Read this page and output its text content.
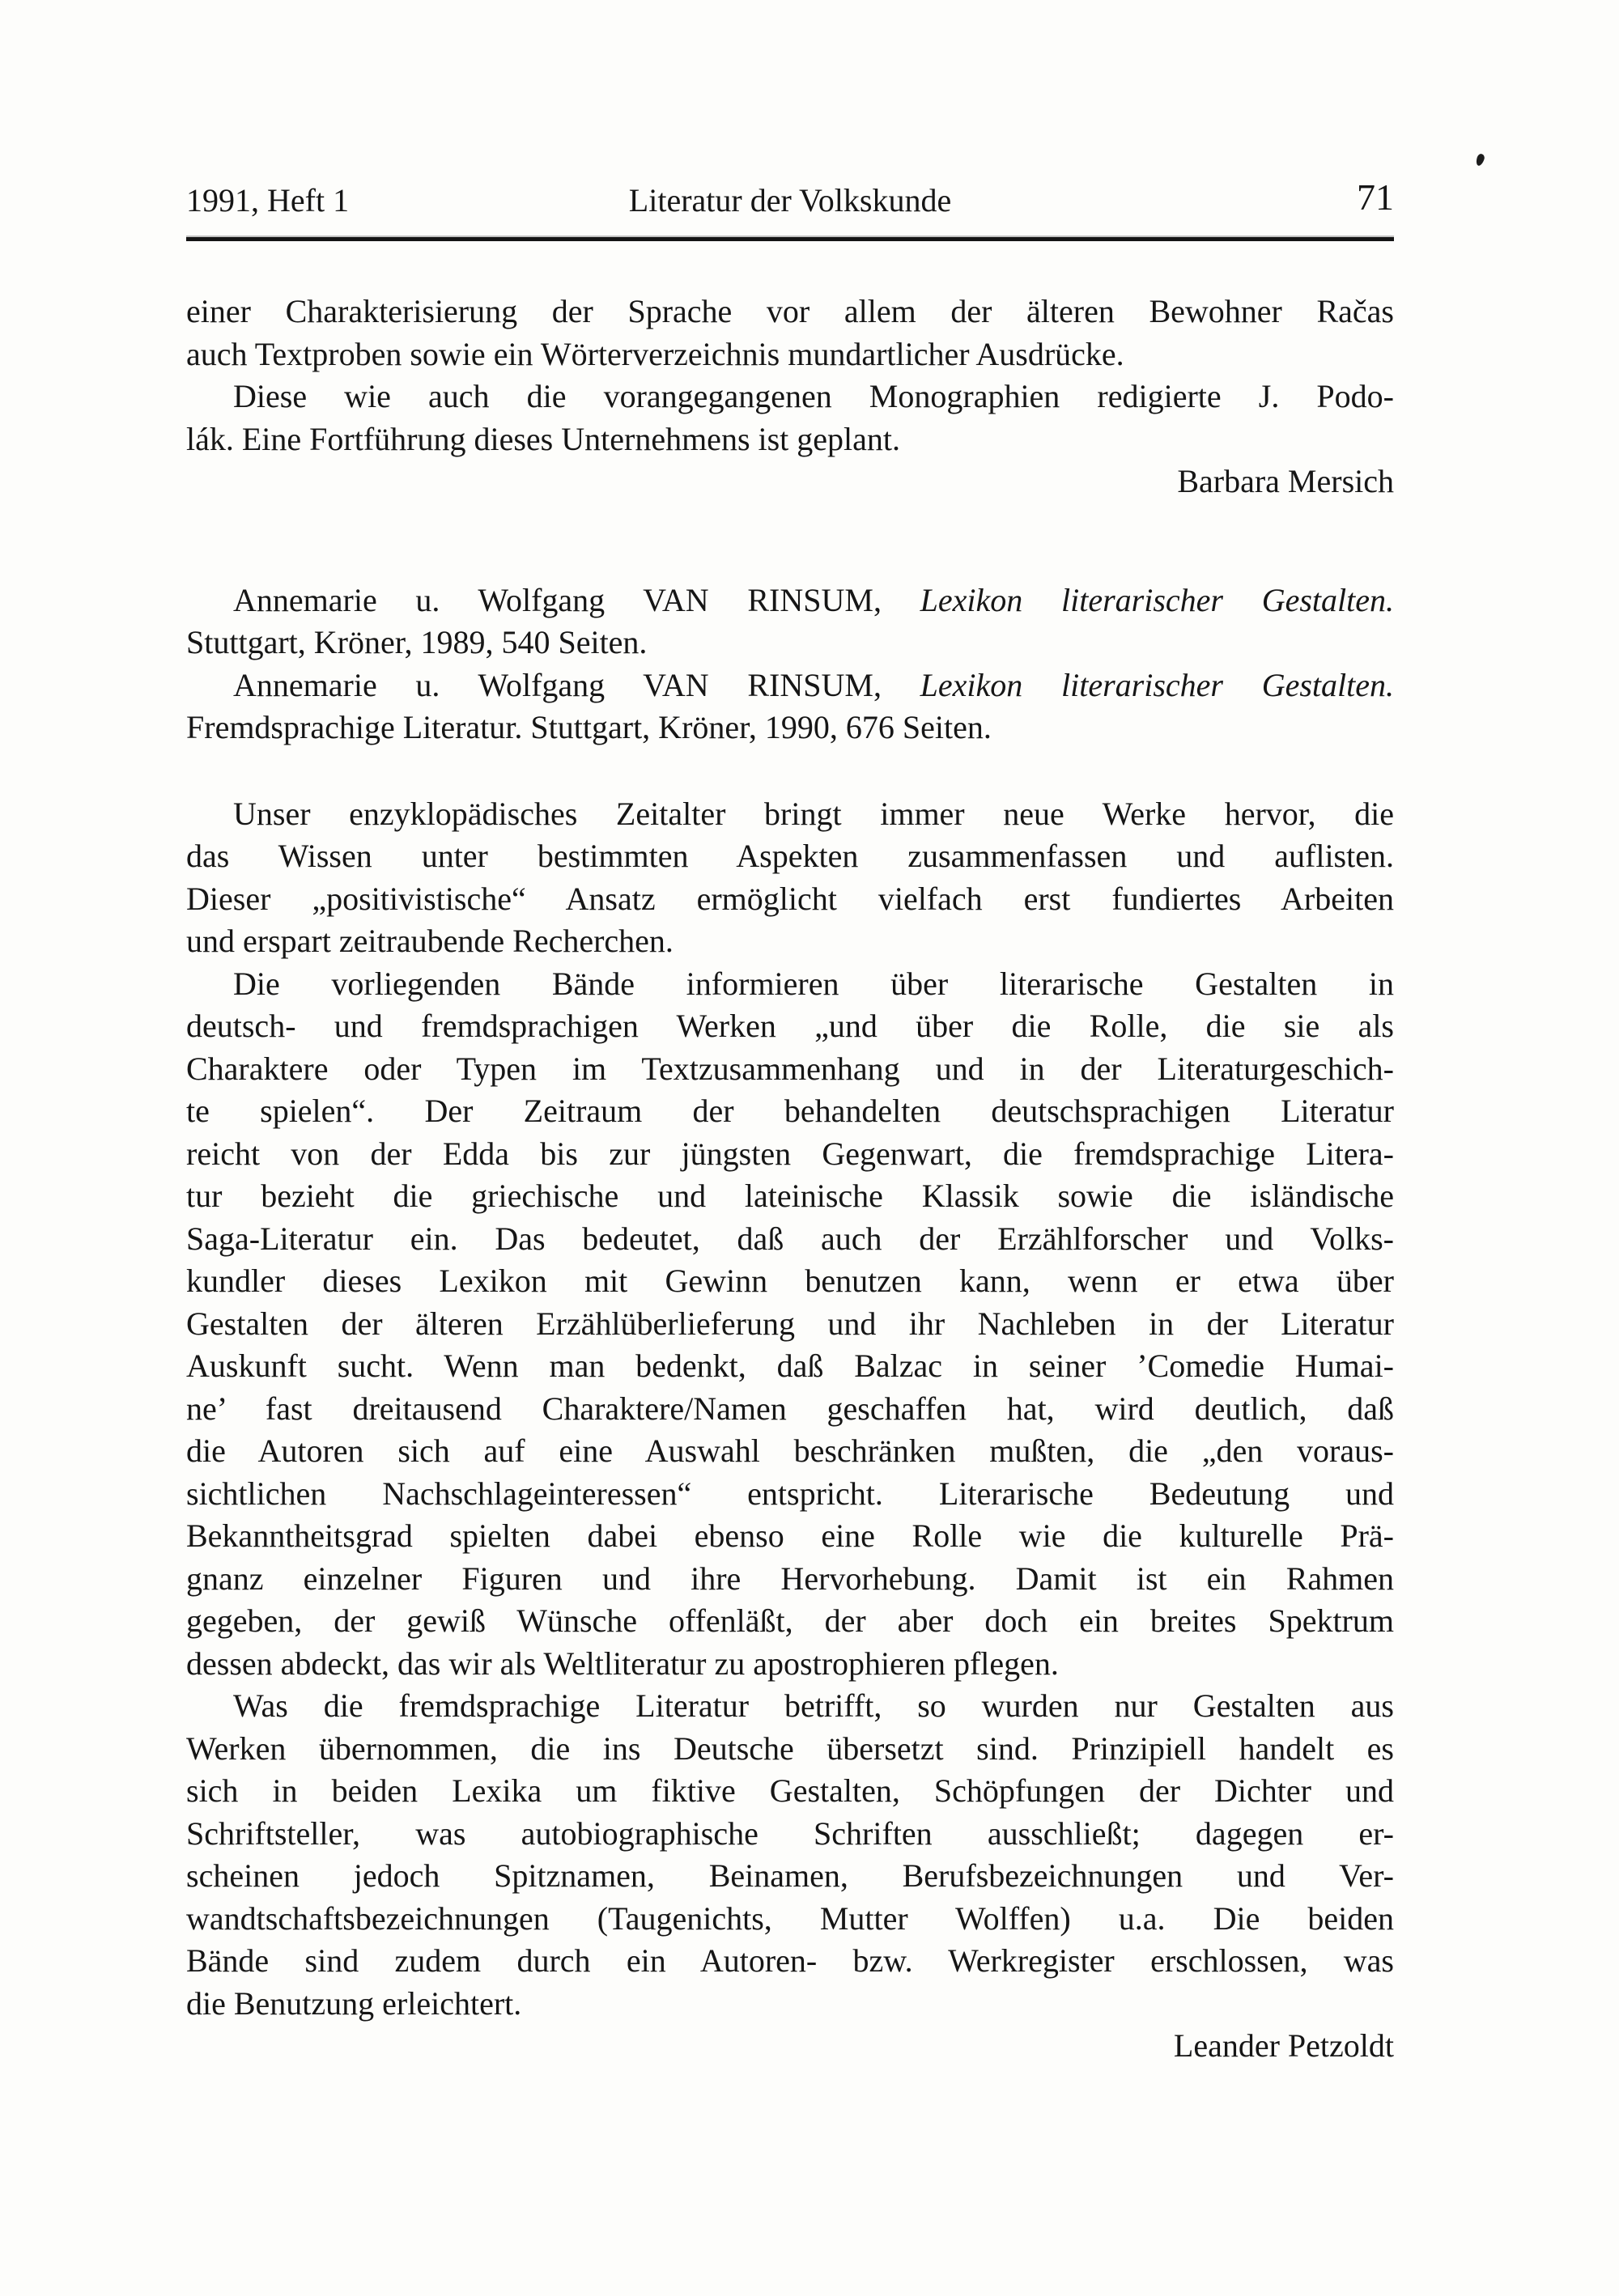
1991, Heft 1	Literatur der Volkskunde	71
einer Charakterisierung der Sprache vor allem der älteren Bewohner Račas
auch Textproben sowie ein Wörterverzeichnis mundartlicher Ausdrücke.
Diese wie auch die vorangegangenen Monographien redigierte J. Podo-
lák. Eine Fortführung dieses Unternehmens ist geplant.
Barbara Mersich
Annemarie u. Wolfgang VAN RINSUM, Lexikon literarischer Gestalten.
Stuttgart, Kröner, 1989, 540 Seiten.
Annemarie u. Wolfgang VAN RINSUM, Lexikon literarischer Gestalten.
Fremdsprachige Literatur. Stuttgart, Kröner, 1990, 676 Seiten.
Unser enzyklopädisches Zeitalter bringt immer neue Werke hervor, die
das Wissen unter bestimmten Aspekten zusammenfassen und auflisten.
Dieser „positivistische“ Ansatz ermöglicht vielfach erst fundiertes Arbeiten
und erspart zeitraubende Recherchen.
Die vorliegenden Bände informieren über literarische Gestalten in
deutsch- und fremdsprachigen Werken „und über die Rolle, die sie als
Charaktere oder Typen im Textzusammenhang und in der Literaturgeschich-
te spielen“. Der Zeitraum der behandelten deutschsprachigen Literatur
reicht von der Edda bis zur jüngsten Gegenwart, die fremdsprachige Litera-
tur bezieht die griechische und lateinische Klassik sowie die isländische
Saga-Literatur ein. Das bedeutet, daß auch der Erzählforscher und Volks-
kundler dieses Lexikon mit Gewinn benutzen kann, wenn er etwa über
Gestalten der älteren Erzählüberlieferung und ihr Nachleben in der Literatur
Auskunft sucht. Wenn man bedenkt, daß Balzac in seiner ’Comedie Humai-
ne’ fast dreitausend Charaktere/Namen geschaffen hat, wird deutlich, daß
die Autoren sich auf eine Auswahl beschränken mußten, die „den voraus-
sichtlichen Nachschlageinteressen“ entspricht. Literarische Bedeutung und
Bekanntheitsgrad spielten dabei ebenso eine Rolle wie die kulturelle Prä-
gnanz einzelner Figuren und ihre Hervorhebung. Damit ist ein Rahmen
gegeben, der gewiß Wünsche offenläßt, der aber doch ein breites Spektrum
dessen abdeckt, das wir als Weltliteratur zu apostrophieren pflegen.
Was die fremdsprachige Literatur betrifft, so wurden nur Gestalten aus
Werken übernommen, die ins Deutsche übersetzt sind. Prinzipiell handelt es
sich in beiden Lexika um fiktive Gestalten, Schöpfungen der Dichter und
Schriftsteller, was autobiographische Schriften ausschließt; dagegen er-
scheinen jedoch Spitznamen, Beinamen, Berufsbezeichnungen und Ver-
wandtschaftsbezeichnungen (Taugenichts, Mutter Wolffen) u.a. Die beiden
Bände sind zudem durch ein Autoren- bzw. Werkregister erschlossen, was
die Benutzung erleichtert.
Leander Petzoldt
